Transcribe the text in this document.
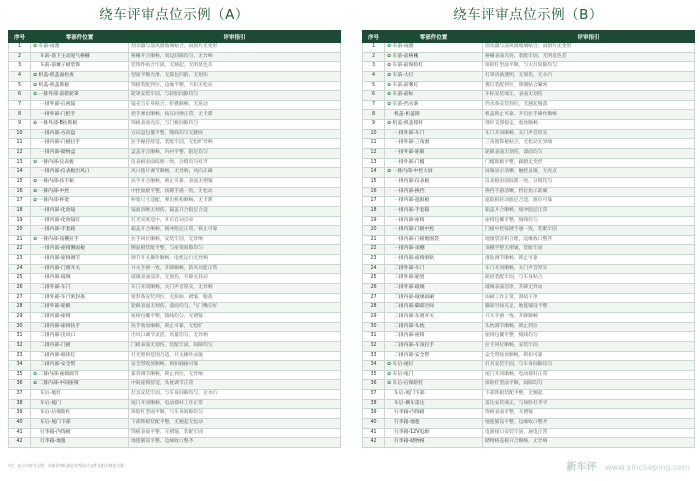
绕车评审点位示例（A）
序号	零部件位置	评审指引
1	✿ 车前-雨刮	刮水器与前风窗玻璃贴合，雨刮片无变形
2	车前-前下主动进气格栅	格栅开合顺畅，周边间隙均匀，无异响
3	车前-前翼子板装饰	装饰件贴合牢固，无翘起，无明显色差
4	✿ 机盖-机盖面检查	型面平顺光滑，无鼓包凹陷，无划伤
5	✿ 机盖-机盖饰板	饰板装配到位，边缘平整，卡扣无松动
6	✿ 一排外部-前轮轮罩	轮罩安装牢固，与轮胎间隙均匀
7	一排外部-后视镜	镜壳与车身贴合，折叠顺畅，无晃动
8	一排外部-门把手	把手弹出顺畅，按压回弹正常，无卡滞
9	✿ 一排外部-B柱饰板	饰板表面光洁，与门框间隙均匀
10	一排内部-方向盘	方向盘包覆平整，缝线均匀无跳线
11	一排内部-门板拉手	拉手握持舒适，装配牢固，无松旷异响
12	一排内部-储物盒	盒盖开合顺畅，内衬平整，阻尼均匀
13	✿ 一排内部-仪表板	仪表板表面纹理一致，分缝均匀对齐
14	一排内部-仪表板出风口	风口拨片调节顺畅，无异响，风向正确
15	✿ 一排内部-扶手箱	扶手开合顺畅，锁止可靠，表面无褶皱
16	✿ 一排内部-中控	中控面板平整，按键手感一致，无松动
17	✿ 一排内部-杯架	杯架尺寸适配，弹出机构顺畅，无卡滞
18	一排内部-化妆镜	镜面清晰无划伤，镜盖开合阻尼合适
19	一排内部-化妆镜灯	灯光亮度适中，开启自动点亮
20	一排内部-手套箱	箱盖开合顺畅，缓冲阻尼正常，锁止可靠
21	✿ 一排内部-顶棚拉手	拉手回位顺畅，安装牢固，无异响
22	一排内部-座椅侧面板	侧面板装配平整，与座椅间隙均匀
23	一排内部-座椅调节	调节开关操作顺畅，电机运行无异响
24	一排内部-门窗开关	开关手感一致，升降顺畅，防夹功能正常
25	一排内部-玻璃	玻璃表面洁净，无划伤，升降无抖动
26	二排外部-车门	车门开闭顺畅，关门声音厚实，无异响
27	二排外部-车门密封条	密封条安装到位，无扭曲、褶皱、脱落
28	二排外部-轮毂	轮毂表面无划伤，漆面均匀，气门嘴完好
29	二排内部-座椅	座椅包覆平整，缝线均匀，无褶皱
30	二排内部-座椅扶手	扶手收放顺畅，锁止可靠，无松旷
31	二排内部-出风口	出风口调节灵活，风量均匀，无异响
32	二排内部-门板	门板表面无划伤，装配牢固，间隙均匀
33	二排内部-阅读灯	灯光照射范围合适，开关操作灵敏
34	二排内部-安全带	安全带收放顺畅，锁扣插拔可靠
35	✿ 二排内部-座椅调节	靠背调节顺畅，锁止到位，无异响
36	✿ 二排内部-中间座椅	中间座椅舒适，头枕调节正常
37	车后-尾灯	灯具安装牢固，与车身间隙均匀，无水汽
38	车后-尾门	尾门开闭顺畅，电动撑杆工作正常
39	车后-后保险杠	保险杠型面平顺，与车身间隙均匀
40	车后-尾门下部	下部饰板装配平整，无翘起无松动
41	行李箱-内饰板	饰板表面平整，无褶皱，装配牢固
42	行李箱-地毯	地毯铺设平整，边缘收口整齐
绕车评审点位示例（B）
序号	零部件位置	评审指引
1	✿ 车前-雨刮	刮水器与前风窗玻璃贴合，雨刮片无变形
2	✿ 车前-前格栅	格栅表面光亮，装配牢固，无明显色差
3	✿ 车前-前保险杠	保险杠型面平顺，与大灯间隙均匀
4	✿ 车前-大灯	灯罩清澈透明，无划伤，无水汽
5	✿ 车前-前雾灯	雾灯装配到位，饰圈贴合紧密
6	✿ 车前-前标	车标安装端正，表面无划伤
7	✿ 车前-挡水条	挡水条安装到位，无翘起脱落
8	机盖-机盖锁	机盖锁止可靠，开启拉手操作顺畅
9	✿ 机盖-机盖撑杆	撑杆支撑稳定，收放顺畅
10	一排外部-车门	车门开闭顺畅，关门声音厚实
11	一排外部-三角窗	三角窗饰板贴合，无松动无异响
12	一排外部-轮毂	轮毂表面无划伤，漆面均匀
13	一排外部-门槛	门槛饰板平整，踩踏无变形
14	✿ 一排内部-中控大屏	屏幕显示清晰，触控灵敏，无亮点
15	一排内部-仪表板	仪表板表面纹理一致，分缝均匀
16	一排内部-换挡	换挡手感清晰，档位指示准确
17	一排内部-遮阳板	遮阳板转动阻尼合适，限位可靠
18	一排内部-手套箱	箱盖开合顺畅，缓冲阻尼正常
19	一排内部-座椅	座椅包覆平整，缝线均匀
20	一排内部-门板中控	门板中控按键手感一致，装配牢固
21	一排内部-门板地图袋	地图袋容积合理，边缘收口整齐
22	一排内部-顶棚	顶棚平整无褶皱，装配牢固
23	一排内部-座椅滑轨	滑轨调节顺畅，锁止可靠
24	二排外部-车门	车门开闭顺畅，关门声音厚实
25	二排外部-轮眉	轮眉装配牢固，与车身贴合
26	二排外部-玻璃	玻璃表面洁净，升降无抖动
27	二排内部-玻璃雨刷	雨刷工作正常，刮拭干净
28	二排内部-脚部空间	脚部空间充足，地毯铺设平整
29	二排内部-车窗开关	开关手感一致，升降顺畅
30	二排内部-头枕	头枕调节顺畅，锁止到位
31	二排内部-座椅	座椅包覆平整，缝线均匀
32	二排内部-车顶拉手	拉手回位顺畅，安装牢固
33	二排内部-安全带	安全带收放顺畅，锁扣可靠
34	✿ 车后-尾灯	灯具安装牢固，与车身间隙均匀
35	✿ 车后-尾门	尾门开闭顺畅，电动撑杆正常
36	✿ 车后-后保险杠	保险杠型面平顺，间隙均匀
37	车后-尾门下部	下部饰板装配平整，无翘起
38	车后-倒车雷达	雷达安装端正，与保险杠齐平
39	行李箱-内饰板	饰板表面平整，无褶皱
40	行李箱-地毯	地毯铺设平整，边缘收口整齐
41	行李箱-12V电源	电源接口安装牢固，通电正常
42	行李箱-储物格	储物格盖板开合顺畅，无异响
*注：以上内容为示例，具体评审标准以车型设计文件及相关规范为准。	新车评 www.xincheping.com
